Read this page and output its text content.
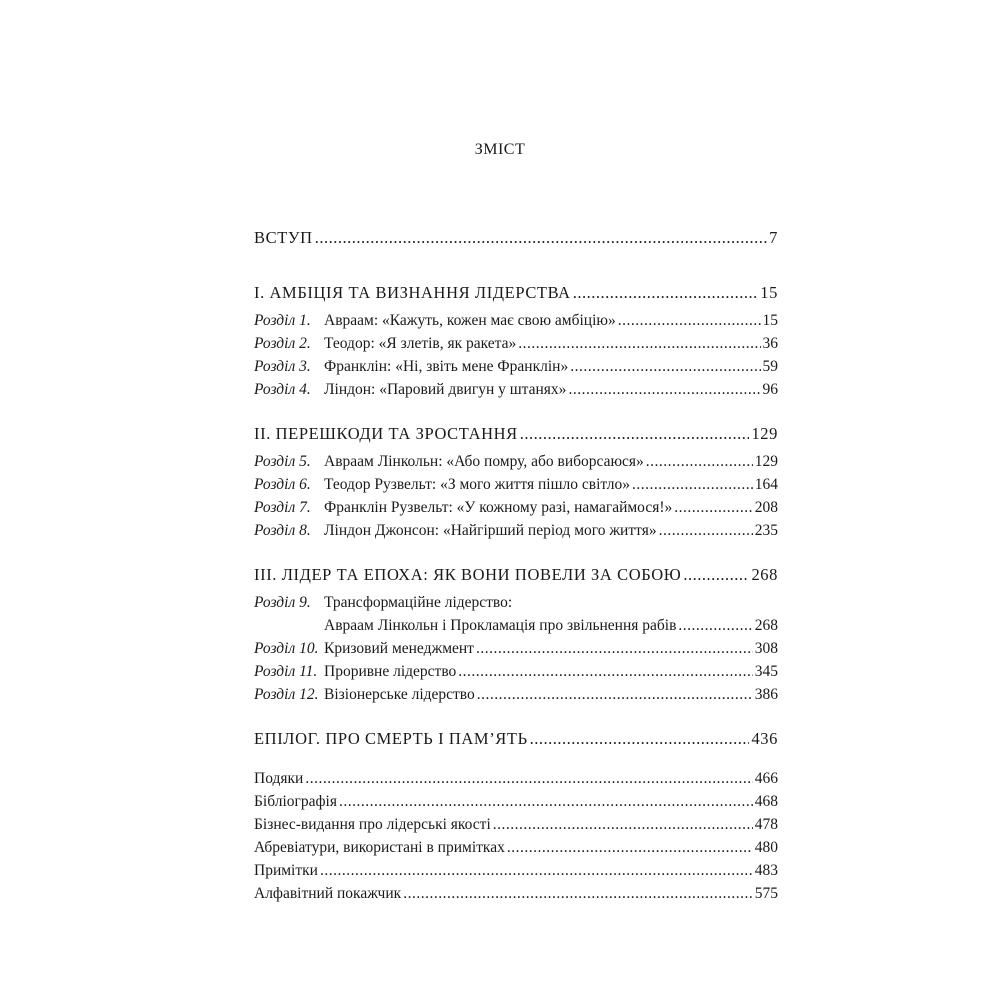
ЗМІСТ
ВСТУП .....	7
I. АМБІЦІЯ ТА ВИЗНАННЯ ЛІДЕРСТВА .....	15
Розділ 1. Авраам: «Кажуть, кожен має свою амбіцію» .....	15
Розділ 2. Теодор: «Я злетів, як ракета» .....	36
Розділ 3. Франклін: «Ні, звіть мене Франклін» .....	59
Розділ 4. Ліндон: «Паровий двигун у штанях» .....	96
II. ПЕРЕШКОДИ ТА ЗРОСТАННЯ .....	129
Розділ 5. Авраам Лінкольн: «Або помру, або виборсаюся» .....	129
Розділ 6. Теодор Рузвельт: «З мого життя пішло світло» .....	164
Розділ 7. Франклін Рузвельт: «У кожному разі, намагаймося!» .....	208
Розділ 8. Ліндон Джонсон: «Найгірший період мого життя» .....	235
III. ЛІДЕР ТА ЕПОХА: ЯК ВОНИ ПОВЕЛИ ЗА СОБОЮ .....	268
Розділ 9. Трансформаційне лідерство:
Авраам Лінкольн і Прокламація про звільнення рабів .....	268
Розділ 10. Кризовий менеджмент .....	308
Розділ 11. Проривне лідерство .....	345
Розділ 12. Візіонерське лідерство .....	386
ЕПІЛОГ. ПРО СМЕРТЬ І ПАМ’ЯТЬ .....	436
Подяки .....	466
Бібліографія .....	468
Бізнес-видання про лідерські якості .....	478
Абревіатури, використані в примітках .....	480
Примітки .....	483
Алфавітний покажчик .....	575
